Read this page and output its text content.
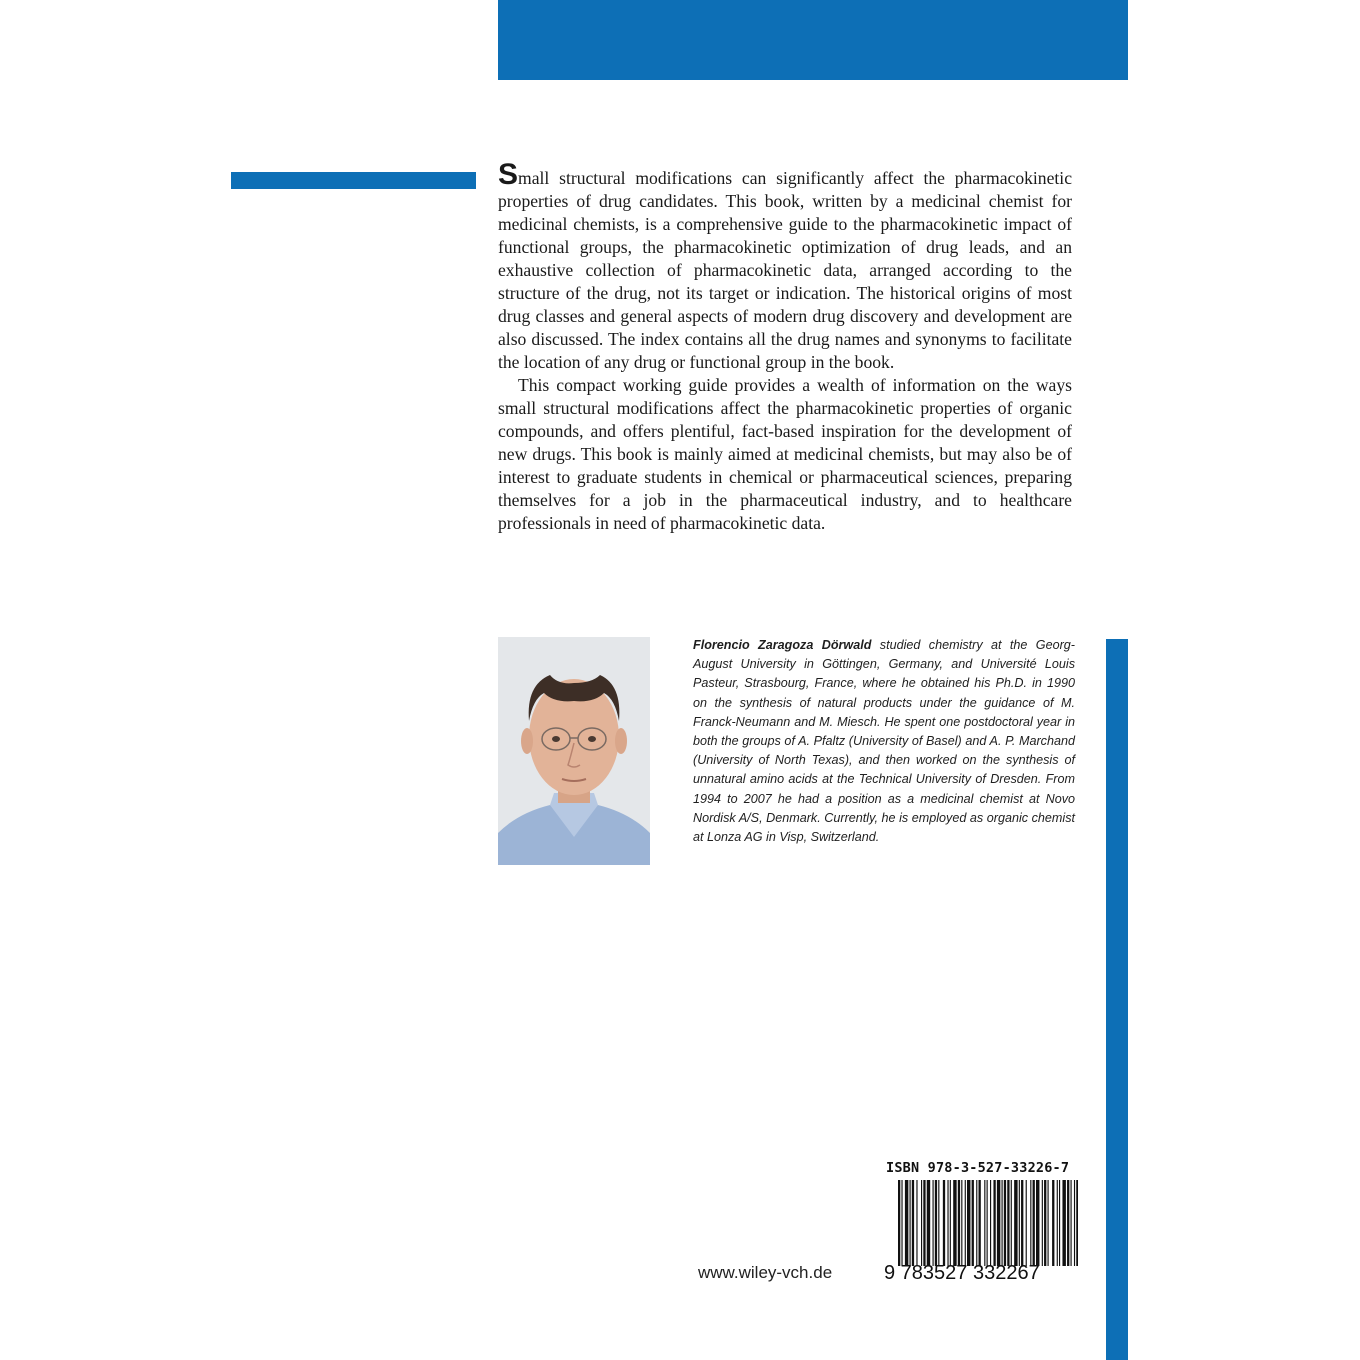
Small structural modifications can significantly affect the pharmacokinetic properties of drug candidates. This book, written by a medicinal chemist for medicinal chemists, is a comprehensive guide to the pharmacokinetic impact of functional groups, the pharmacokinetic optimization of drug leads, and an exhaustive collection of pharmacokinetic data, arranged according to the structure of the drug, not its target or indication. The historical origins of most drug classes and general aspects of modern drug discovery and development are also discussed. The index contains all the drug names and synonyms to facilitate the location of any drug or functional group in the book.

This compact working guide provides a wealth of information on the ways small structural modifications affect the pharmacokinetic properties of organic compounds, and offers plentiful, fact-based inspiration for the development of new drugs. This book is mainly aimed at medicinal chemists, but may also be of interest to graduate students in chemical or pharmaceutical sciences, preparing themselves for a job in the pharmaceutical industry, and to healthcare professionals in need of pharmacokinetic data.

Florencio Zaragoza Dörwald studied chemistry at the Georg-August University in Göttingen, Germany, and Université Louis Pasteur, Strasbourg, France, where he obtained his Ph.D. in 1990 on the synthesis of natural products under the guidance of M. Franck-Neumann and M. Miesch. He spent one postdoctoral year in both the groups of A. Pfaltz (University of Basel) and A. P. Marchand (University of North Texas), and then worked on the synthesis of unnatural amino acids at the Technical University of Dresden. From 1994 to 2007 he had a position as a medicinal chemist at Novo Nordisk A/S, Denmark. Currently, he is employed as organic chemist at Lonza AG in Visp, Switzerland.
ISBN 978-3-527-33226-7
9 783527 332267
www.wiley-vch.de
